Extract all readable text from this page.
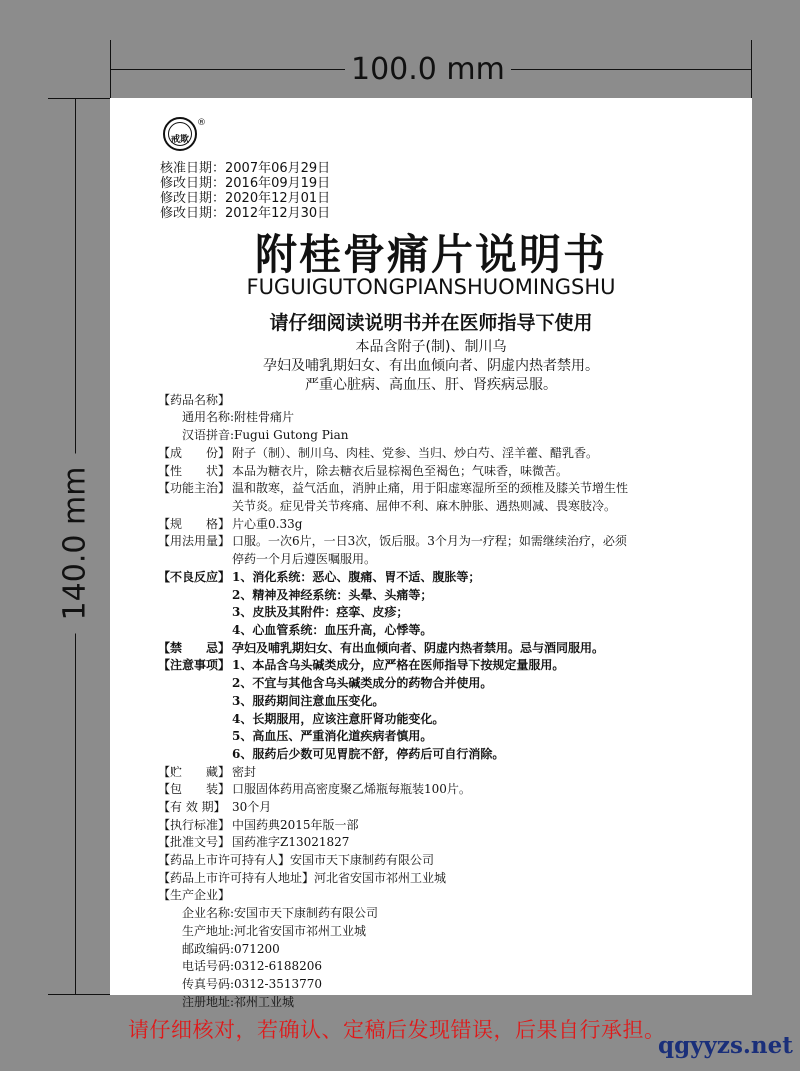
100.0 mm
140.0 mm
$_{戒欺}$
®
核准日期：2007年06月29日
修改日期：2016年09月19日
修改日期：2020年12月01日
修改日期：2012年12月30日
附桂骨痛片说明书
FUGUIGUTONGPIANSHUOMINGSHU
请仔细阅读说明书并在医师指导下使用
本品含附子(制)、制川乌
孕妇及哺乳期妇女、有出血倾向者、阴虚内热者禁用。
严重心脏病、高血压、肝、肾疾病忌服。
【药品名称】
通用名称:附桂骨痛片
汉语拼音:Fugui Gutong Pian
【成　　份】 附子（制）、制川乌、肉桂、党参、当归、炒白芍、淫羊藿、醋乳香。
【性　　状】 本品为糖衣片，除去糖衣后显棕褐色至褐色；气味香，味微苦。
【功能主治】 温和散寒，益气活血，消肿止痛，用于阳虚寒湿所至的颈椎及膝关节增生性
关节炎。症见骨关节疼痛、屈伸不利、麻木肿胀、遇热则减、畏寒肢冷。
【规　　格】 片心重0.33g
【用法用量】 口服。一次6片，一日3次，饭后服。3个月为一疗程；如需继续治疗，必须
停药一个月后遵医嘱服用。
【不良反应】 1、消化系统：恶心、腹痛、胃不适、腹胀等；
2、精神及神经系统：头晕、头痛等；
3、皮肤及其附件：痉挛、皮疹；
4、心血管系统：血压升高，心悸等。
【禁　　忌】 孕妇及哺乳期妇女、有出血倾向者、阴虚内热者禁用。忌与酒同服用。
【注意事项】 1、本品含乌头碱类成分，应严格在医师指导下按规定量服用。
2、不宜与其他含乌头碱类成分的药物合并使用。
3、服药期间注意血压变化。
4、长期服用，应该注意肝肾功能变化。
5、高血压、严重消化道疾病者慎用。
6、服药后少数可见胃脘不舒，停药后可自行消除。
【贮　　藏】 密封
【包　　装】 口服固体药用高密度聚乙烯瓶每瓶装100片。
【有 效 期】 30个月
【执行标准】 中国药典2015年版一部
【批准文号】 国药准字Z13021827
【药品上市许可持有人】安国市天下康制药有限公司
【药品上市许可持有人地址】河北省安国市祁州工业城
【生产企业】
企业名称:安国市天下康制药有限公司
生产地址:河北省安国市祁州工业城
邮政编码:071200
电话号码:0312-6188206
传真号码:0312-3513770
注册地址:祁州工业城
请仔细核对，若确认、定稿后发现错误，后果自行承担。
qgyyzs.net
